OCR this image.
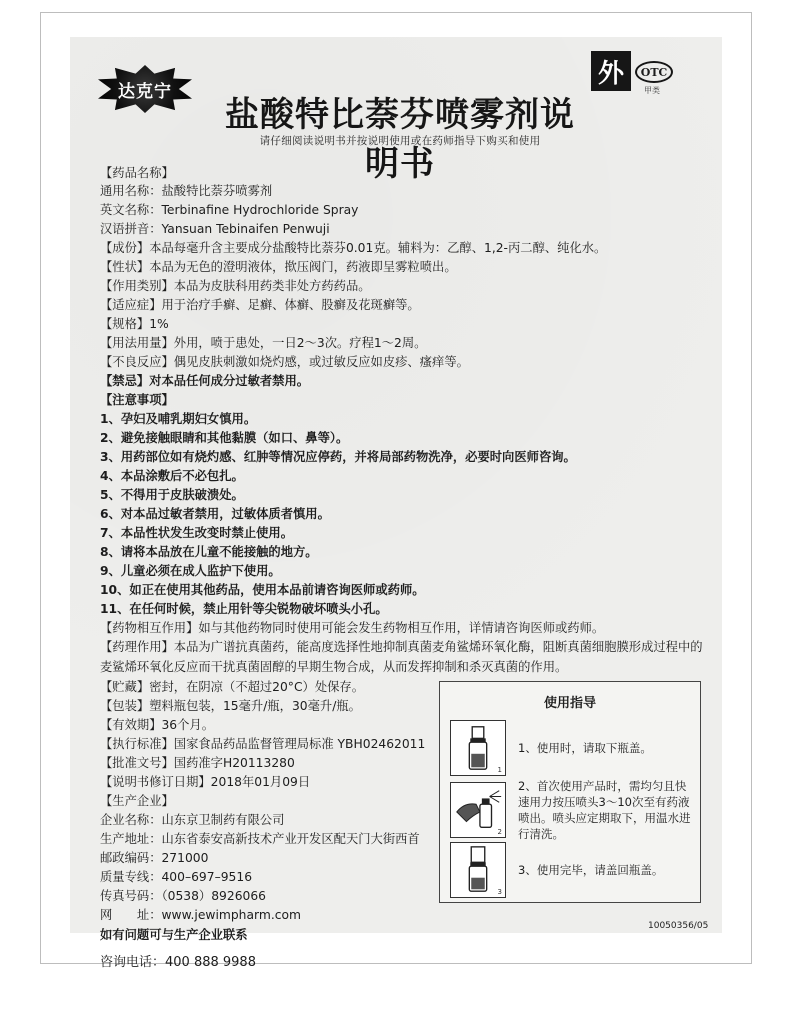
达克宁
盐酸特比萘芬喷雾剂说明书
外	OTC
甲类
请仔细阅读说明书并按说明使用或在药师指导下购买和使用
【药品名称】
通用名称：盐酸特比萘芬喷雾剂
英文名称：Terbinafine Hydrochloride Spray
汉语拼音：Yansuan Tebinaifen Penwuji
【成份】本品每毫升含主要成分盐酸特比萘芬0.01克。辅料为：乙醇、1,2-丙二醇、纯化水。
【性状】本品为无色的澄明液体，揿压阀门，药液即呈雾粒喷出。
【作用类别】本品为皮肤科用药类非处方药药品。
【适应症】用于治疗手癣、足癣、体癣、股癣及花斑癣等。
【规格】1%
【用法用量】外用，喷于患处，一日2～3次。疗程1～2周。
【不良反应】偶见皮肤刺激如烧灼感，或过敏反应如皮疹、瘙痒等。
【禁忌】对本品任何成分过敏者禁用。
【注意事项】
1、孕妇及哺乳期妇女慎用。
2、避免接触眼睛和其他黏膜（如口、鼻等）。
3、用药部位如有烧灼感、红肿等情况应停药，并将局部药物洗净，必要时向医师咨询。
4、本品涂敷后不必包扎。
5、不得用于皮肤破溃处。
6、对本品过敏者禁用，过敏体质者慎用。
7、本品性状发生改变时禁止使用。
8、请将本品放在儿童不能接触的地方。
9、儿童必须在成人监护下使用。
10、如正在使用其他药品，使用本品前请咨询医师或药师。
11、在任何时候，禁止用针等尖锐物破坏喷头小孔。
【药物相互作用】如与其他药物同时使用可能会发生药物相互作用，详情请咨询医师或药师。
【药理作用】本品为广谱抗真菌药，能高度选择性地抑制真菌麦角鲨烯环氧化酶，阻断真菌细胞膜形成过程中的麦鲨烯环氧化反应而干扰真菌固醇的早期生物合成，从而发挥抑制和杀灭真菌的作用。
【贮藏】密封，在阴凉（不超过20°C）处保存。
【包装】塑料瓶包装，15毫升/瓶，30毫升/瓶。
【有效期】36个月。
【执行标准】国家食品药品监督管理局标准 YBH02462011
【批准文号】国药准字H20113280
【说明书修订日期】2018年01月09日
【生产企业】
企业名称：山东京卫制药有限公司
生产地址：山东省泰安高新技术产业开发区配天门大街西首
邮政编码：271000
质量专线：400–697–9516
传真号码：（0538）8926066
网　　址：www.jewimpharm.com
如有问题可与生产企业联系
咨询电话：400 888 9988
使用指导
1
1、使用时，请取下瓶盖。
2
2、首次使用产品时，需均匀且快速用力按压喷头3～10次至有药液喷出。喷头应定期取下，用温水进行清洗。
3
3、使用完毕，请盖回瓶盖。
10050356/05
